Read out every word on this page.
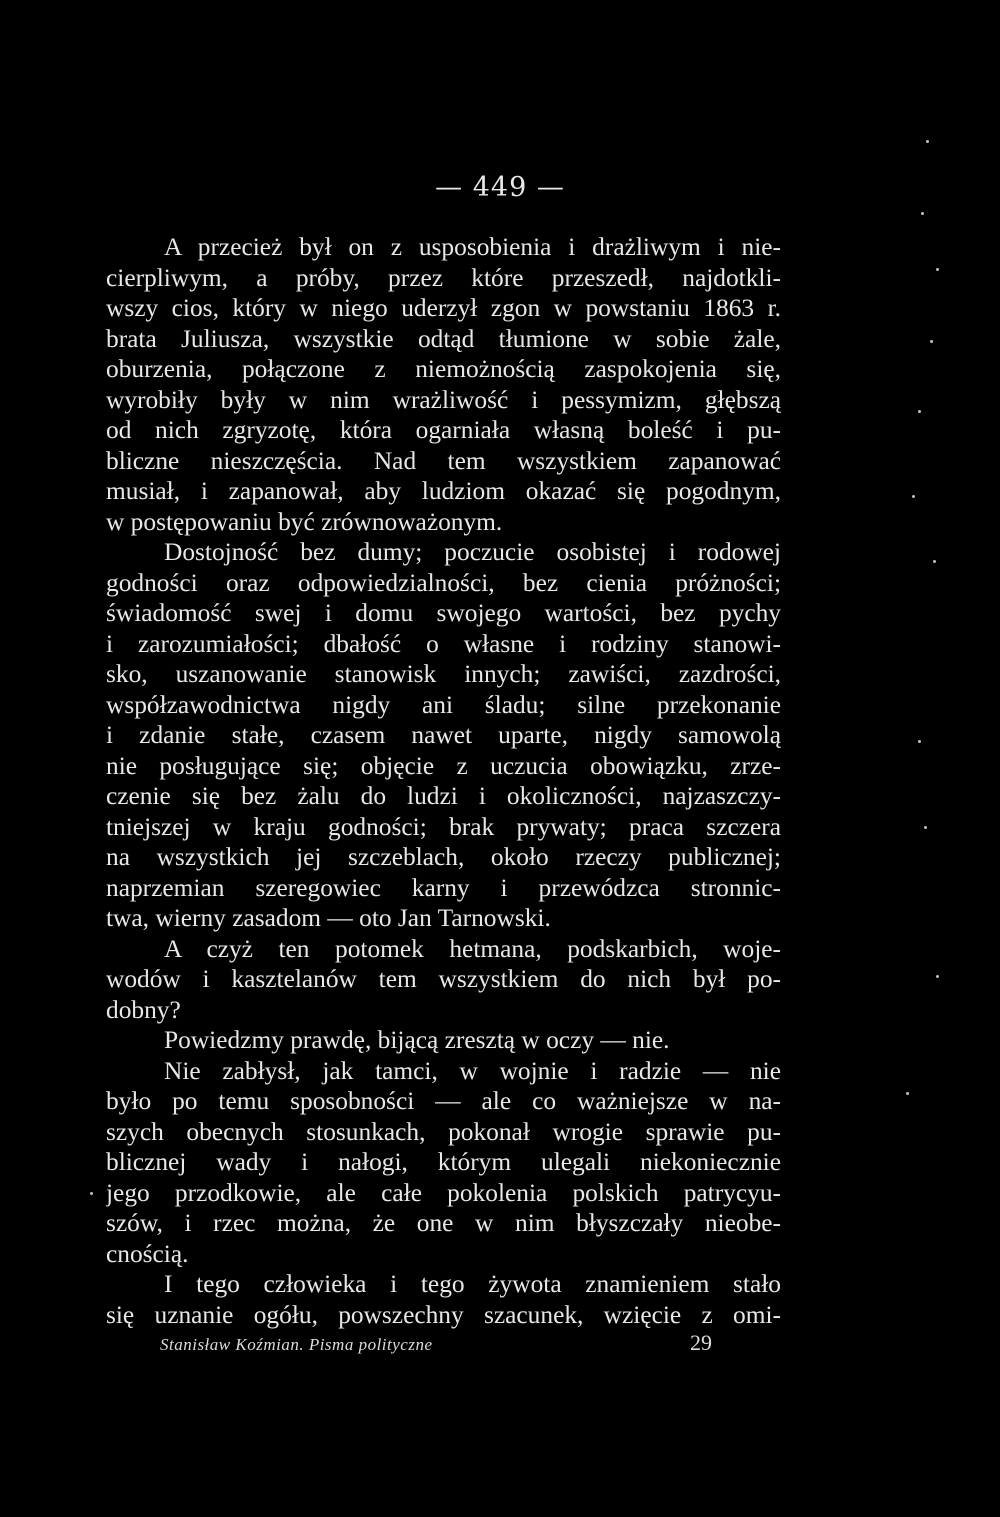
— 449 —
A przecież był on z usposobienia i drażliwym i nie-
cierpliwym, a próby, przez które przeszedł, najdotkli-
wszy cios, który w niego uderzył zgon w powstaniu 1863 r.
brata Juliusza, wszystkie odtąd tłumione w sobie żale,
oburzenia, połączone z niemożnością zaspokojenia się,
wyrobiły były w nim wrażliwość i pessymizm, głębszą
od nich zgryzotę, która ogarniała własną boleść i pu-
bliczne nieszczęścia. Nad tem wszystkiem zapanować
musiał, i zapanował, aby ludziom okazać się pogodnym,
w postępowaniu być zrównoważonym.
Dostojność bez dumy; poczucie osobistej i rodowej
godności oraz odpowiedzialności, bez cienia próżności;
świadomość swej i domu swojego wartości, bez pychy
i zarozumiałości; dbałość o własne i rodziny stanowi-
sko, uszanowanie stanowisk innych; zawiści, zazdrości,
współzawodnictwa nigdy ani śladu; silne przekonanie
i zdanie stałe, czasem nawet uparte, nigdy samowolą
nie posługujące się; objęcie z uczucia obowiązku, zrze-
czenie się bez żalu do ludzi i okoliczności, najzaszczy-
tniejszej w kraju godności; brak prywaty; praca szczera
na wszystkich jej szczeblach, około rzeczy publicznej;
naprzemian szeregowiec karny i przewódzca stronnic-
twa, wierny zasadom — oto Jan Tarnowski.
A czyż ten potomek hetmana, podskarbich, woje-
wodów i kasztelanów tem wszystkiem do nich był po-
dobny?
Powiedzmy prawdę, bijącą zresztą w oczy — nie.
Nie zabłysł, jak tamci, w wojnie i radzie — nie
było po temu sposobności — ale co ważniejsze w na-
szych obecnych stosunkach, pokonał wrogie sprawie pu-
blicznej wady i nałogi, którym ulegali niekoniecznie
jego przodkowie, ale całe pokolenia polskich patrycyu-
szów, i rzec można, że one w nim błyszczały nieobe-
cnością.
I tego człowieka i tego żywota znamieniem stało
się uznanie ogółu, powszechny szacunek, wzięcie z omi-
Stanisław Koźmian. Pisma polityczne	29
